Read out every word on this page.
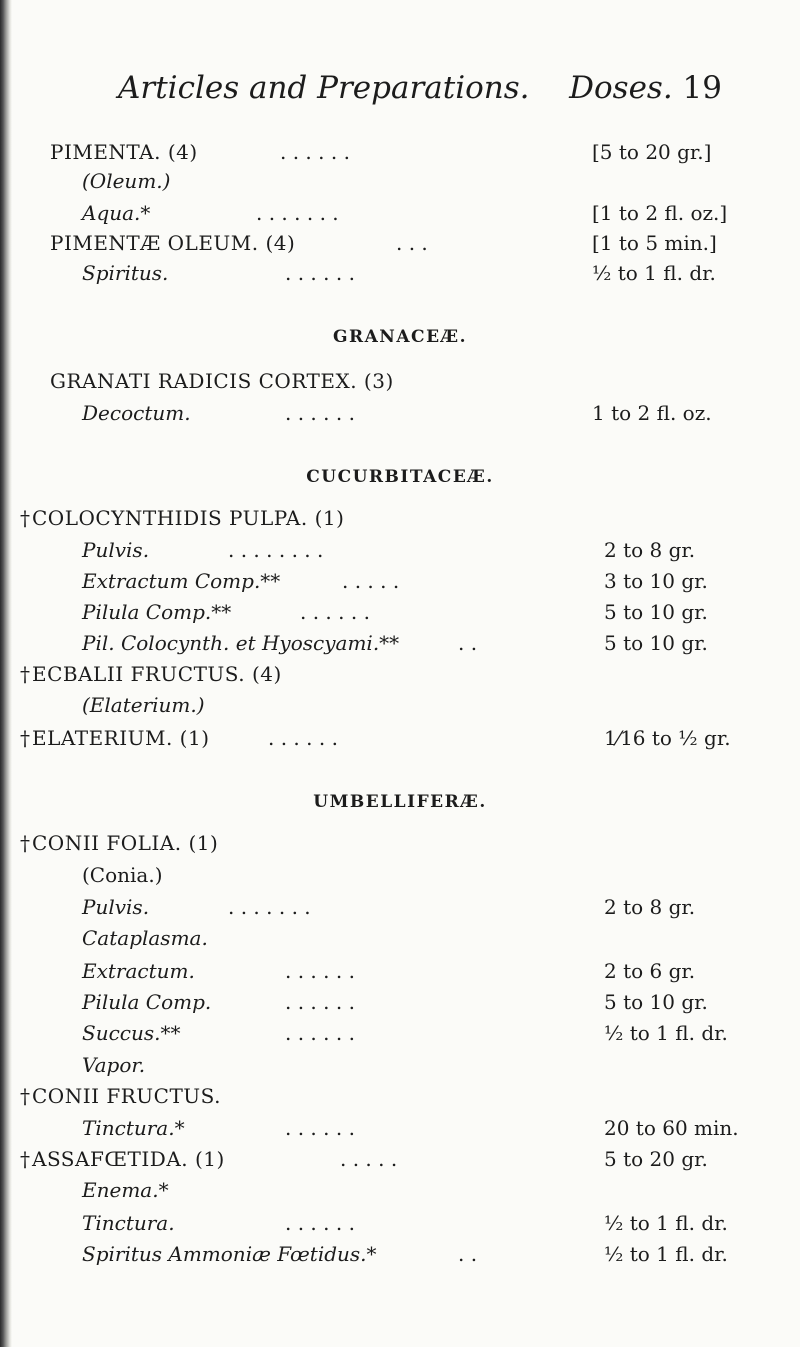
Articles and Preparations. Doses. 19
PIMENTA. (4)	. . . . . .	[5 to 20 gr.]
(Oleum.)
Aqua.*	. . . . . . .	[1 to 2 fl. oz.]
PIMENTÆ OLEUM. (4)	. . .	[1 to 5 min.]
Spiritus.	. . . . . .	½ to 1 fl. dr.
GRANACEÆ.
GRANATI RADICIS CORTEX. (3)
Decoctum.	. . . . . .	1 to 2 fl. oz.
CUCURBITACEÆ.
† COLOCYNTHIDIS PULPA. (1)
Pulvis.	. . . . . . . .	2 to 8 gr.
Extractum Comp.**	. . . . .	3 to 10 gr.
Pilula Comp.**	. . . . . .	5 to 10 gr.
Pil. Colocynth. et Hyoscyami.**	. .	5 to 10 gr.
† ECBALII FRUCTUS. (4)
(Elaterium.)
† ELATERIUM. (1)	. . . . . .	1⁄16 to ½ gr.
UMBELLIFERÆ.
† CONII FOLIA. (1)
(Conia.)
Pulvis.	. . . . . . .	2 to 8 gr.
Cataplasma.
Extractum.	. . . . . .	2 to 6 gr.
Pilula Comp.	. . . . . .	5 to 10 gr.
Succus.**	. . . . . .	½ to 1 fl. dr.
Vapor.
† CONII FRUCTUS.
Tinctura.*	. . . . . .	20 to 60 min.
† ASSAFŒTIDA. (1)	. . . . .	5 to 20 gr.
Enema.*
Tinctura.	. . . . . .	½ to 1 fl. dr.
Spiritus Ammoniæ Fœtidus.*	. .	½ to 1 fl. dr.
